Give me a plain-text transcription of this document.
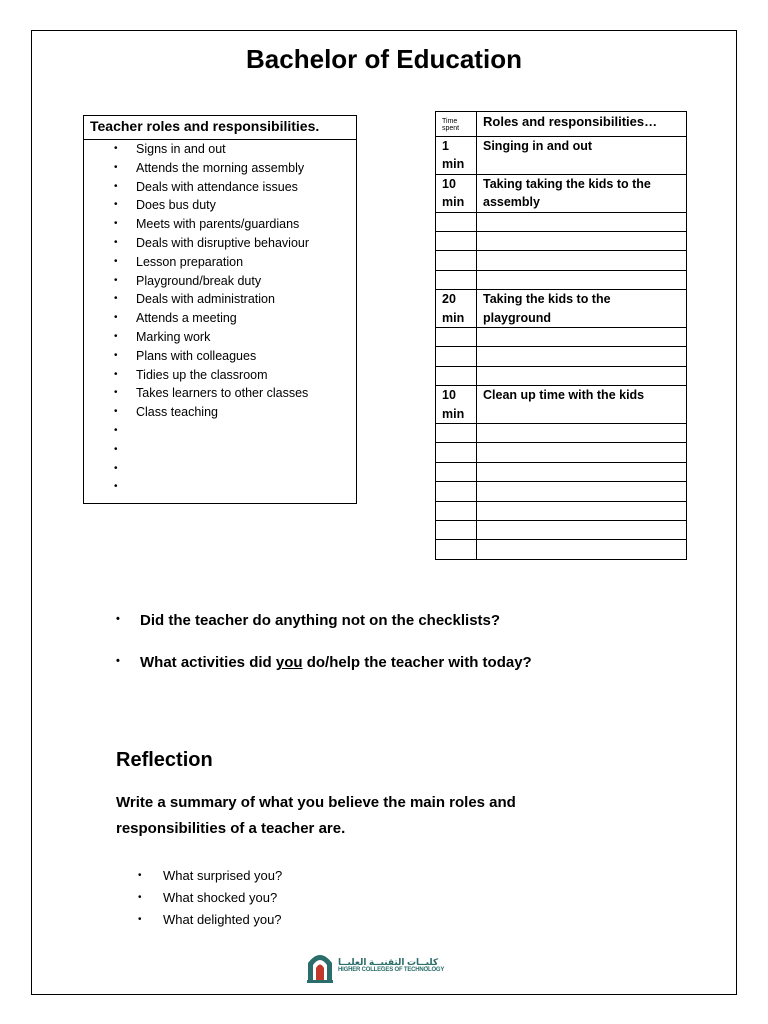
Bachelor of Education
Teacher roles and responsibilities.
• Signs in and out
• Attends the morning assembly
• Deals with attendance issues
• Does bus duty
• Meets with parents/guardians
• Deals with disruptive behaviour
• Lesson preparation
• Playground/break duty
• Deals with administration
• Attends a meeting
• Marking work
• Plans with colleagues
• Tidies up the classroom
• Takes learners to other classes
• Class teaching
•
•
•
•
Time spent	Roles and responsibilities…
1 min	Singing in and out
10 min	Taking taking the kids to the assembly

20 min	Taking the kids to the playground

10 min	Clean up time with the kids

• Did the teacher do anything not on the checklists?
• What activities did you do/help the teacher with today?
Reflection
Write a summary of what you believe the main roles and responsibilities of a teacher are.
• What surprised you?
• What shocked you?
• What delighted you?
كليــات التقنيــة العليــا
HIGHER COLLEGES OF TECHNOLOGY
